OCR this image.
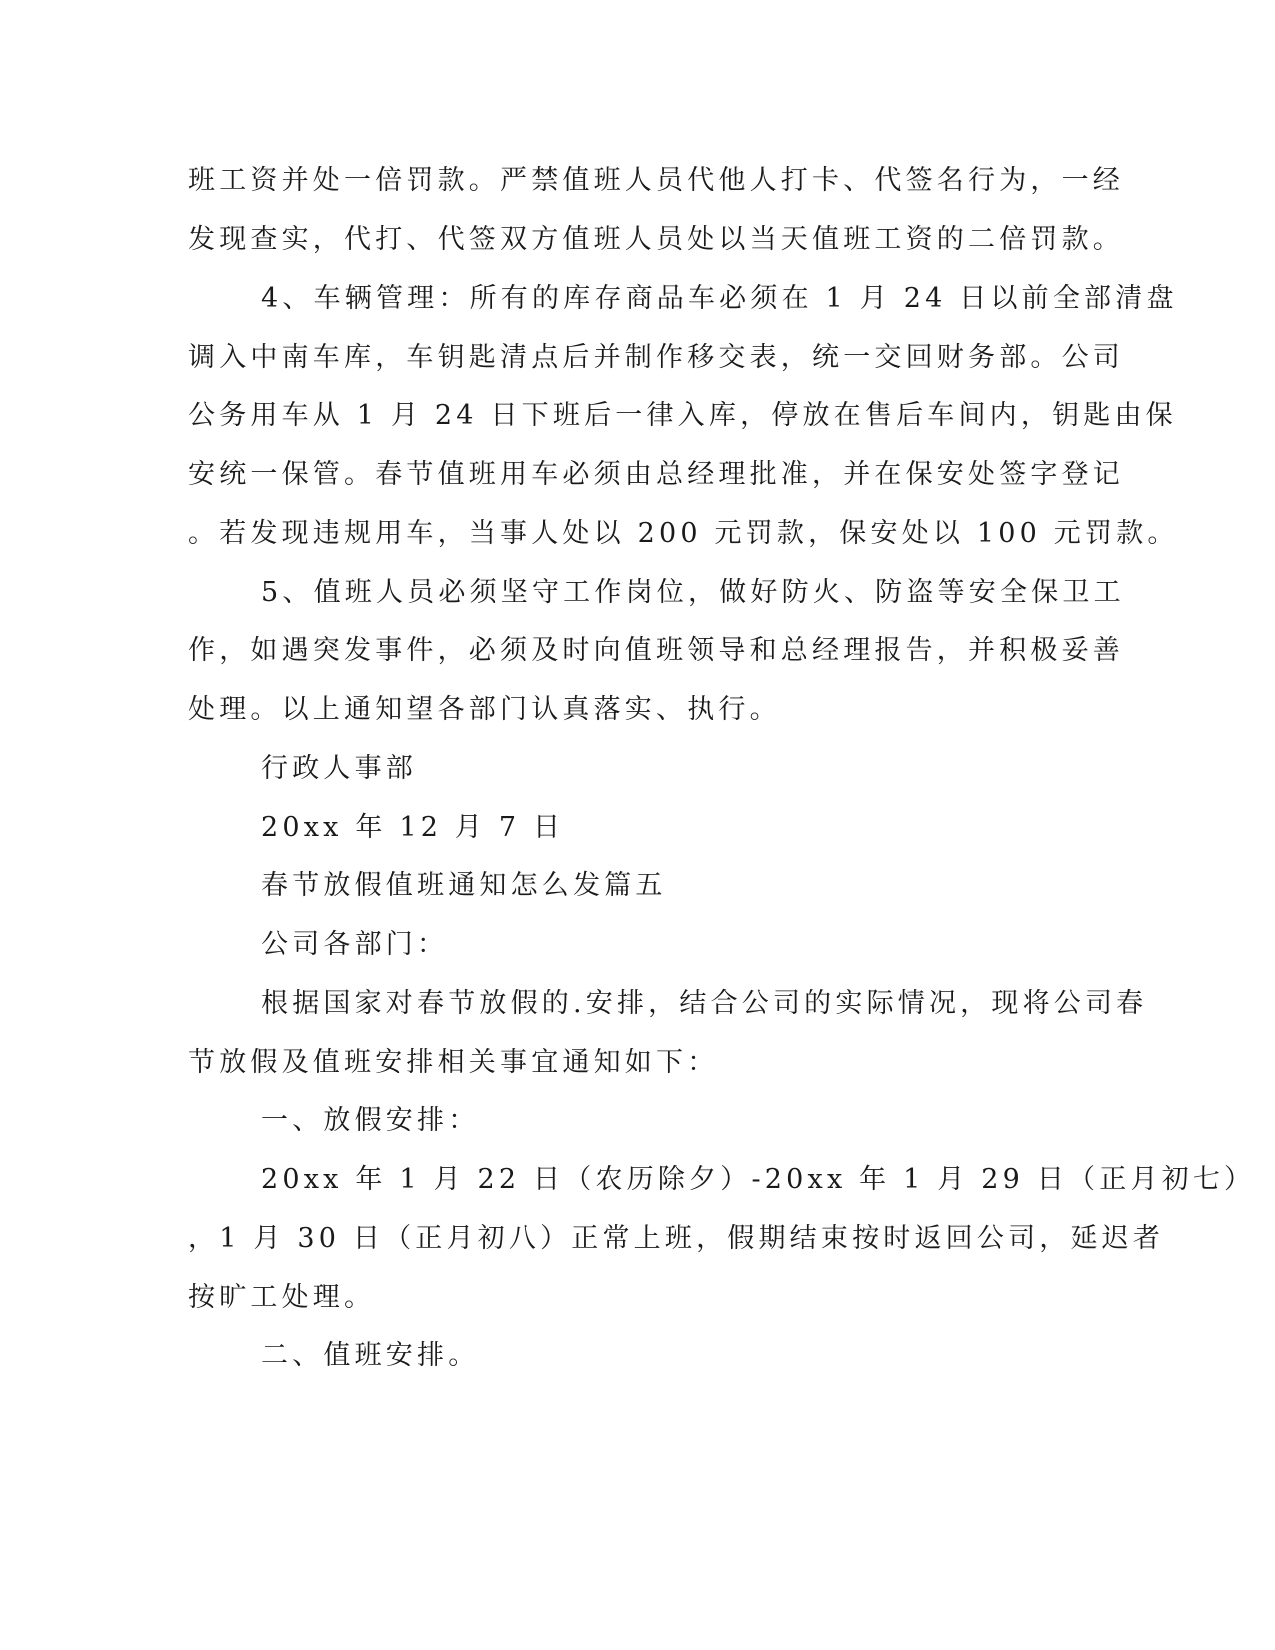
班工资并处一倍罚款。严禁值班人员代他人打卡、代签名行为，一经
发现查实，代打、代签双方值班人员处以当天值班工资的二倍罚款。
4、车辆管理：所有的库存商品车必须在 1 月 24 日以前全部清盘
调入中南车库，车钥匙清点后并制作移交表，统一交回财务部。公司
公务用车从 1 月 24 日下班后一律入库，停放在售后车间内，钥匙由保
安统一保管。春节值班用车必须由总经理批准，并在保安处签字登记
。若发现违规用车，当事人处以 200 元罚款，保安处以 100 元罚款。
5、值班人员必须坚守工作岗位，做好防火、防盗等安全保卫工
作，如遇突发事件，必须及时向值班领导和总经理报告，并积极妥善
处理。以上通知望各部门认真落实、执行。
行政人事部
20xx 年 12 月 7 日
春节放假值班通知怎么发篇五
公司各部门：
根据国家对春节放假的.安排，结合公司的实际情况，现将公司春
节放假及值班安排相关事宜通知如下：
一、放假安排：
20xx 年 1 月 22 日（农历除夕）-20xx 年 1 月 29 日（正月初七）
，1 月 30 日（正月初八）正常上班，假期结束按时返回公司，延迟者
按旷工处理。
二、值班安排。
